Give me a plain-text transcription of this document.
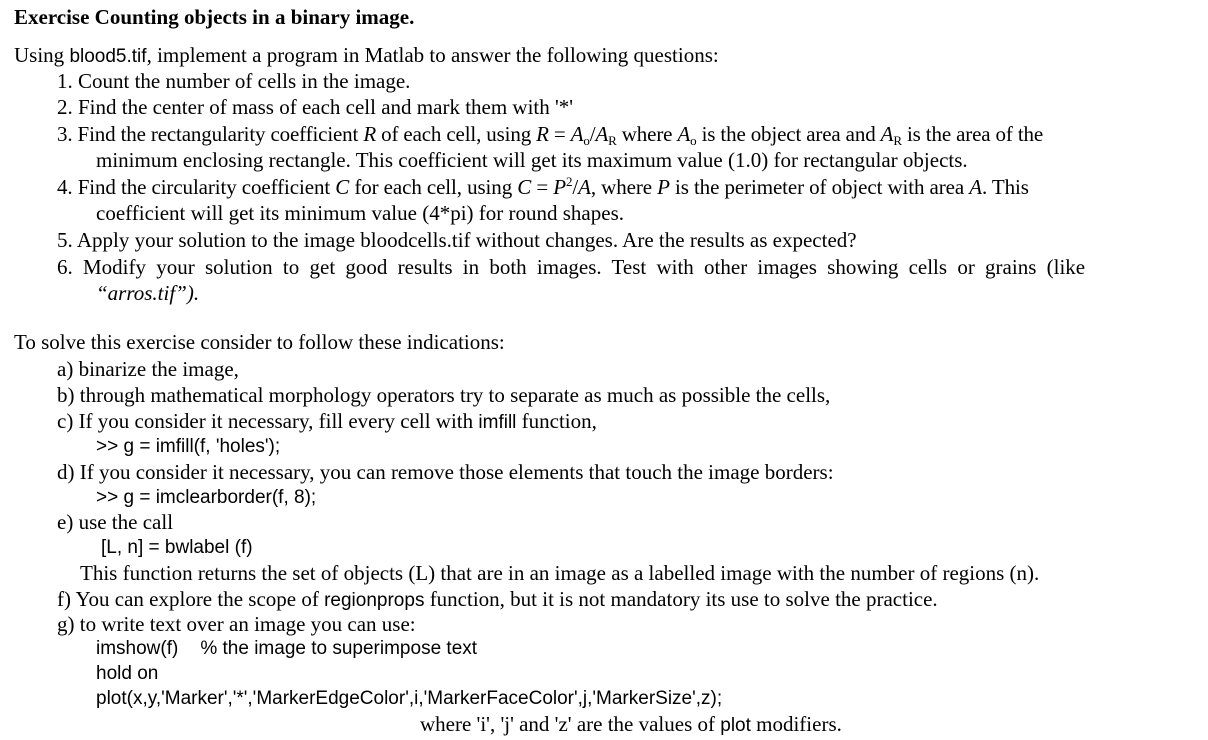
Exercise Counting objects in a binary image.
Using blood5.tif, implement a program in Matlab to answer the following questions:
1. Count the number of cells in the image.
2. Find the center of mass of each cell and mark them with '*'
3. Find the rectangularity coefficient R of each cell, using $R = A_o/A_R$ where $A_o$ is the object area and $A_R$ is the area of the
minimum enclosing rectangle. This coefficient will get its maximum value (1.0) for rectangular objects.
4. Find the circularity coefficient C for each cell, using $C = P^2/A$, where P is the perimeter of object with area A. This
coefficient will get its minimum value (4*pi) for round shapes.
5. Apply your solution to the image bloodcells.tif without changes. Are the results as expected?
6. Modify your solution to get good results in both images. Test with other images showing cells or grains (like
“arros.tif”).
To solve this exercise consider to follow these indications:
a) binarize the image,
b) through mathematical morphology operators try to separate as much as possible the cells,
c) If you consider it necessary, fill every cell with imfill function,
>> g = imfill(f, 'holes');
d) If you consider it necessary, you can remove those elements that touch the image borders:
>> g = imclearborder(f, 8);
e) use the call
[L, n] = bwlabel (f)
This function returns the set of objects (L) that are in an image as a labelled image with the number of regions (n).
f) You can explore the scope of regionprops function, but it is not mandatory its use to solve the practice.
g) to write text over an image you can use:
imshow(f) % the image to superimpose text
hold on
plot(x,y,'Marker','*','MarkerEdgeColor',i,'MarkerFaceColor',j,'MarkerSize',z);
where 'i', 'j' and 'z' are the values of plot modifiers.
